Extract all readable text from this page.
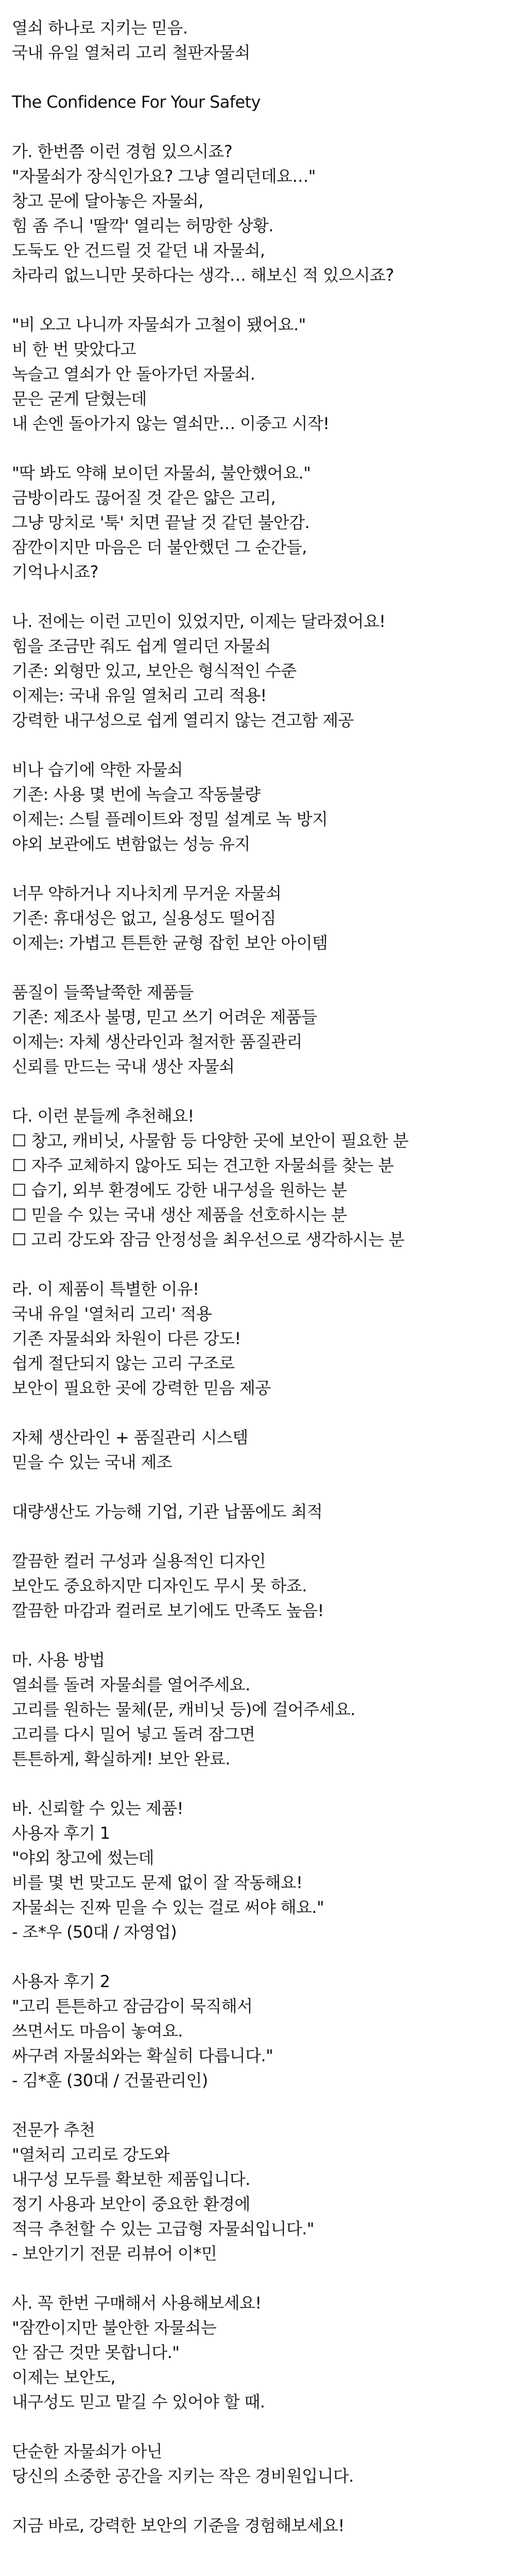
열쇠 하나로 지키는 믿음.

국내 유일 열처리 고리 철판자물쇠

The Confidence For Your Safety

가. 한번쯤 이런 경험 있으시죠?

"자물쇠가 장식인가요? 그냥 열리던데요…"

창고 문에 달아놓은 자물쇠,

힘 좀 주니 '딸깍' 열리는 허망한 상황.

도둑도 안 건드릴 것 같던 내 자물쇠,

차라리 없느니만 못하다는 생각… 해보신 적 있으시죠?

"비 오고 나니까 자물쇠가 고철이 됐어요."

비 한 번 맞았다고

녹슬고 열쇠가 안 돌아가던 자물쇠.

문은 굳게 닫혔는데

내 손엔 돌아가지 않는 열쇠만… 이중고 시작!

"딱 봐도 약해 보이던 자물쇠, 불안했어요."

금방이라도 끊어질 것 같은 얇은 고리,

그냥 망치로 '툭' 치면 끝날 것 같던 불안감.

잠깐이지만 마음은 더 불안했던 그 순간들,

기억나시죠?

나. 전에는 이런 고민이 있었지만, 이제는 달라졌어요!

힘을 조금만 줘도 쉽게 열리던 자물쇠

기존: 외형만 있고, 보안은 형식적인 수준

이제는: 국내 유일 열처리 고리 적용!

강력한 내구성으로 쉽게 열리지 않는 견고함 제공

비나 습기에 약한 자물쇠

기존: 사용 몇 번에 녹슬고 작동불량

이제는: 스틸 플레이트와 정밀 설계로 녹 방지

야외 보관에도 변함없는 성능 유지

너무 약하거나 지나치게 무거운 자물쇠

기존: 휴대성은 없고, 실용성도 떨어짐

이제는: 가볍고 튼튼한 균형 잡힌 보안 아이템

품질이 들쭉날쭉한 제품들

기존: 제조사 불명, 믿고 쓰기 어려운 제품들

이제는: 자체 생산라인과 철저한 품질관리

신뢰를 만드는 국내 생산 자물쇠

다. 이런 분들께 추천해요!

☐ 창고, 캐비닛, 사물함 등 다양한 곳에 보안이 필요한 분

☐ 자주 교체하지 않아도 되는 견고한 자물쇠를 찾는 분

☐ 습기, 외부 환경에도 강한 내구성을 원하는 분

☐ 믿을 수 있는 국내 생산 제품을 선호하시는 분

☐ 고리 강도와 잠금 안정성을 최우선으로 생각하시는 분

라. 이 제품이 특별한 이유!

국내 유일 '열처리 고리' 적용

기존 자물쇠와 차원이 다른 강도!

쉽게 절단되지 않는 고리 구조로

보안이 필요한 곳에 강력한 믿음 제공

자체 생산라인 + 품질관리 시스템

믿을 수 있는 국내 제조

대량생산도 가능해 기업, 기관 납품에도 최적

깔끔한 컬러 구성과 실용적인 디자인

보안도 중요하지만 디자인도 무시 못 하죠.

깔끔한 마감과 컬러로 보기에도 만족도 높음!

마. 사용 방법

열쇠를 돌려 자물쇠를 열어주세요.

고리를 원하는 물체(문, 캐비닛 등)에 걸어주세요.

고리를 다시 밀어 넣고 돌려 잠그면

튼튼하게, 확실하게! 보안 완료.

바. 신뢰할 수 있는 제품!

사용자 후기 1

"야외 창고에 썼는데

비를 몇 번 맞고도 문제 없이 잘 작동해요!

자물쇠는 진짜 믿을 수 있는 걸로 써야 해요."

- 조*우 (50대 / 자영업)

사용자 후기 2

"고리 튼튼하고 잠금감이 묵직해서

쓰면서도 마음이 놓여요.

싸구려 자물쇠와는 확실히 다릅니다."

- 김*훈 (30대 / 건물관리인)

전문가 추천

"열처리 고리로 강도와

내구성 모두를 확보한 제품입니다.

정기 사용과 보안이 중요한 환경에

적극 추천할 수 있는 고급형 자물쇠입니다."

- 보안기기 전문 리뷰어 이*민

사. 꼭 한번 구매해서 사용해보세요!

"잠깐이지만 불안한 자물쇠는

안 잠근 것만 못합니다."

이제는 보안도,

내구성도 믿고 맡길 수 있어야 할 때.

단순한 자물쇠가 아닌

당신의 소중한 공간을 지키는 작은 경비원입니다.

지금 바로, 강력한 보안의 기준을 경험해보세요!
